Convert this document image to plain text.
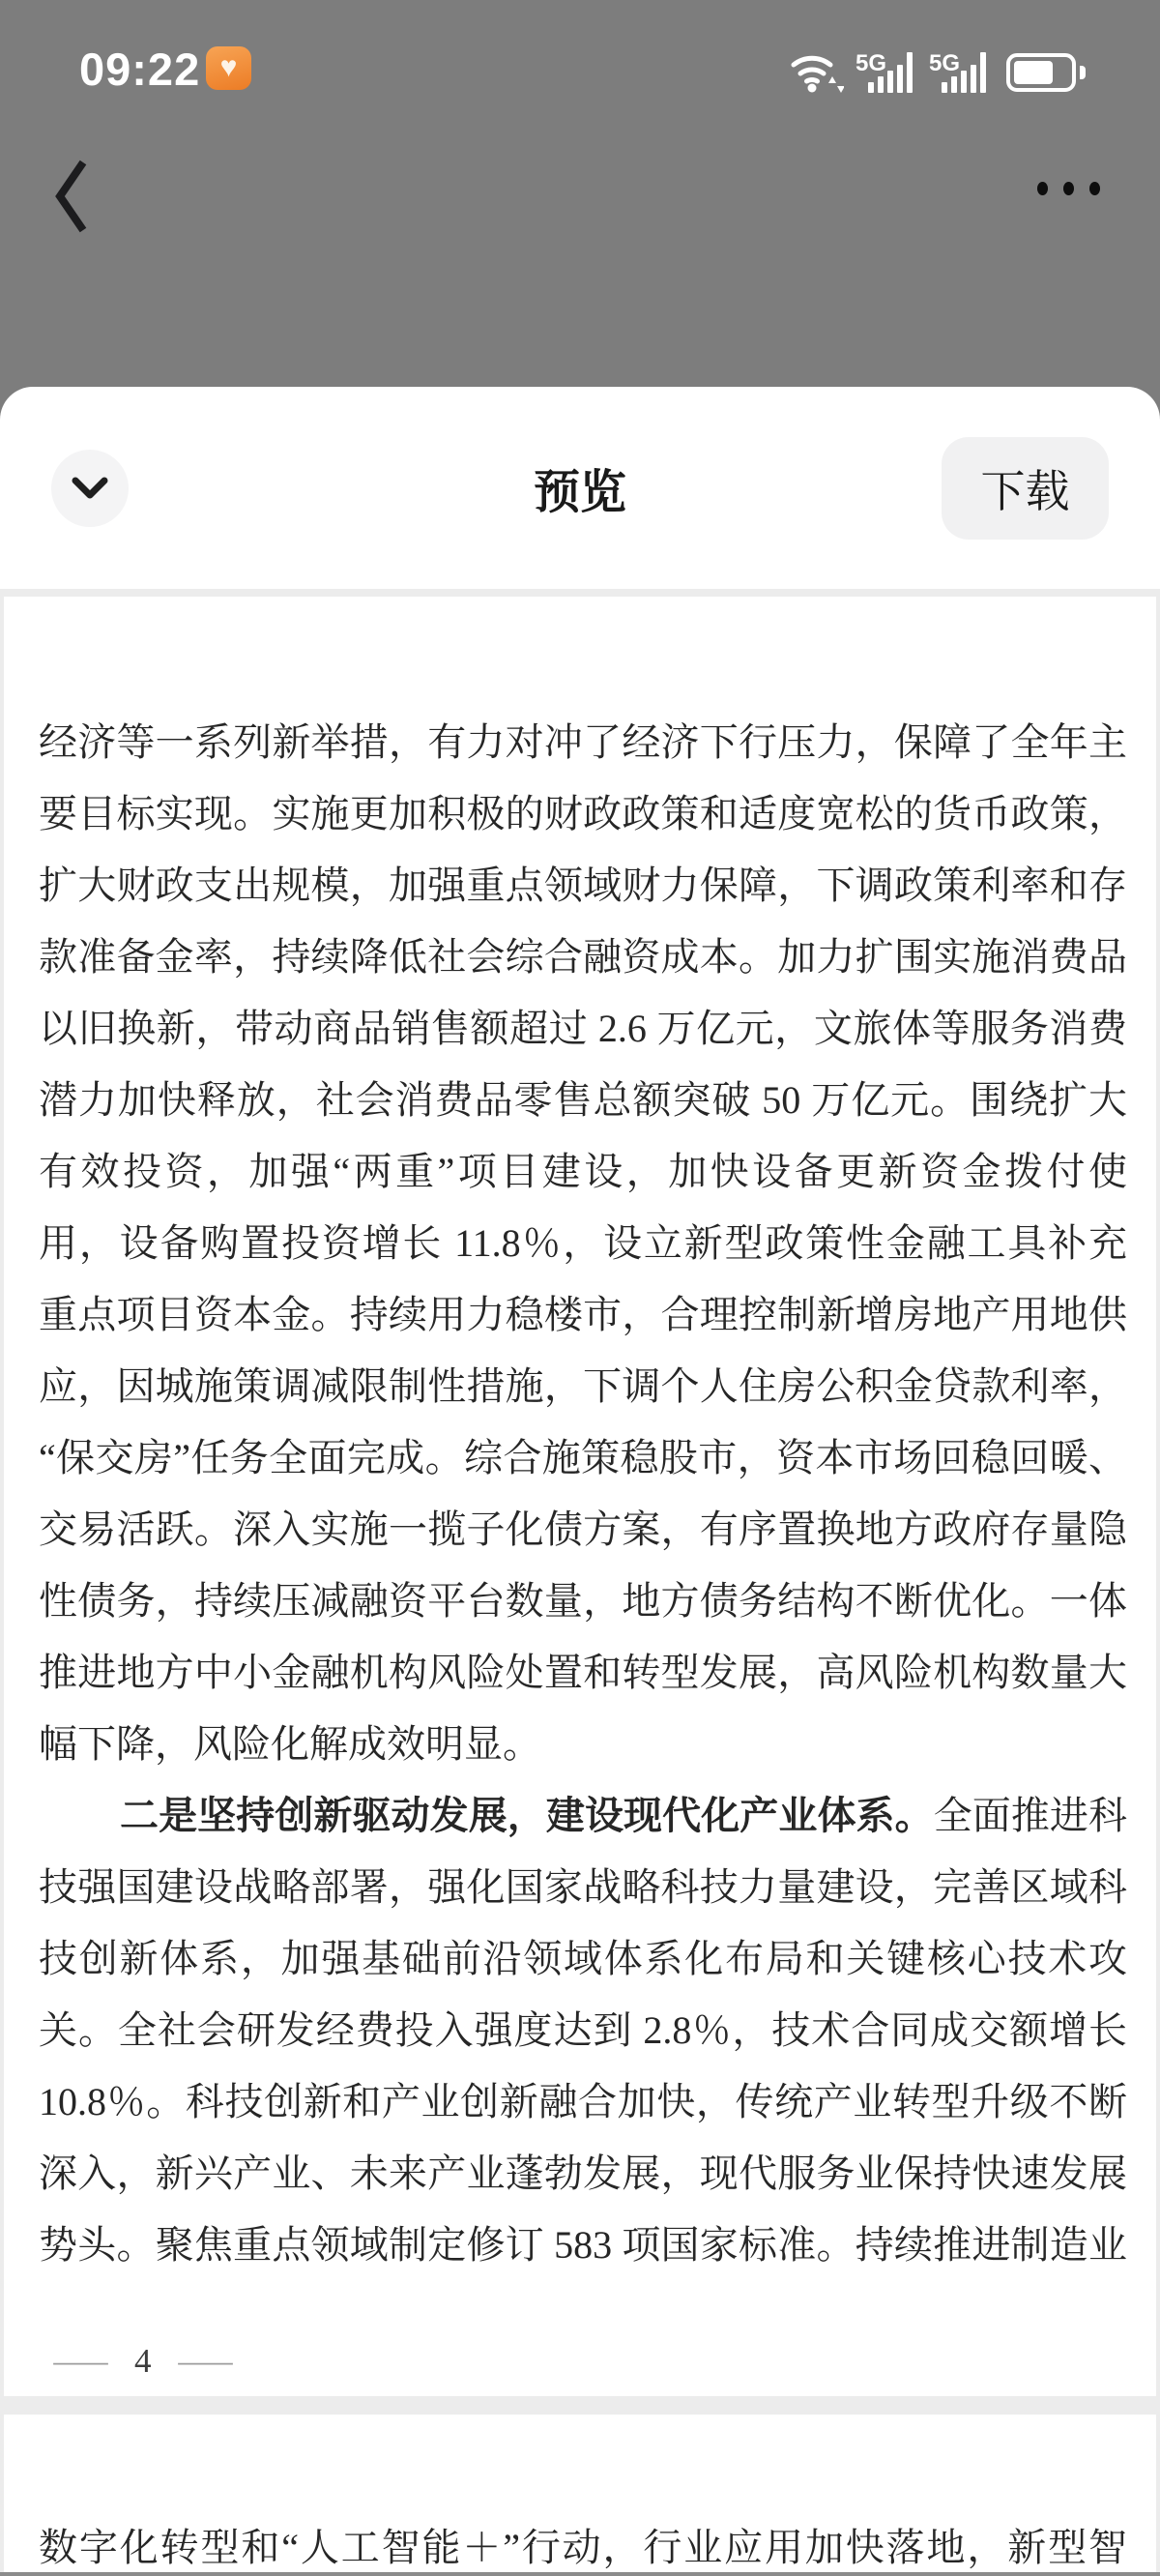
09:22 ♥	5G 5G
预览	下载
经济等一系列新举措，有力对冲了经济下行压力，保障了全年主
要目标实现。实施更加积极的财政政策和适度宽松的货币政策，
扩大财政支出规模，加强重点领域财力保障，下调政策利率和存
款准备金率，持续降低社会综合融资成本。加力扩围实施消费品
以旧换新，带动商品销售额超过 2.6 万亿元，文旅体等服务消费
潜力加快释放，社会消费品零售总额突破 50 万亿元。围绕扩大
有效投资，加强“两重”项目建设，加快设备更新资金拨付使
用，设备购置投资增长 11.8％，设立新型政策性金融工具补充
重点项目资本金。持续用力稳楼市，合理控制新增房地产用地供
应，因城施策调减限制性措施，下调个人住房公积金贷款利率，
“保交房”任务全面完成。综合施策稳股市，资本市场回稳回暖、
交易活跃。深入实施一揽子化债方案，有序置换地方政府存量隐
性债务，持续压减融资平台数量，地方债务结构不断优化。一体
推进地方中小金融机构风险处置和转型发展，高风险机构数量大
幅下降，风险化解成效明显。
二是坚持创新驱动发展，建设现代化产业体系。全面推进科
技强国建设战略部署，强化国家战略科技力量建设，完善区域科
技创新体系，加强基础前沿领域体系化布局和关键核心技术攻
关。全社会研发经费投入强度达到 2.8％，技术合同成交额增长
10.8％。科技创新和产业创新融合加快，传统产业转型升级不断
深入，新兴产业、未来产业蓬勃发展，现代服务业保持快速发展
势头。聚焦重点领域制定修订 583 项国家标准。持续推进制造业
— 4 —
数字化转型和“人工智能＋”行动，行业应用加快落地，新型智
